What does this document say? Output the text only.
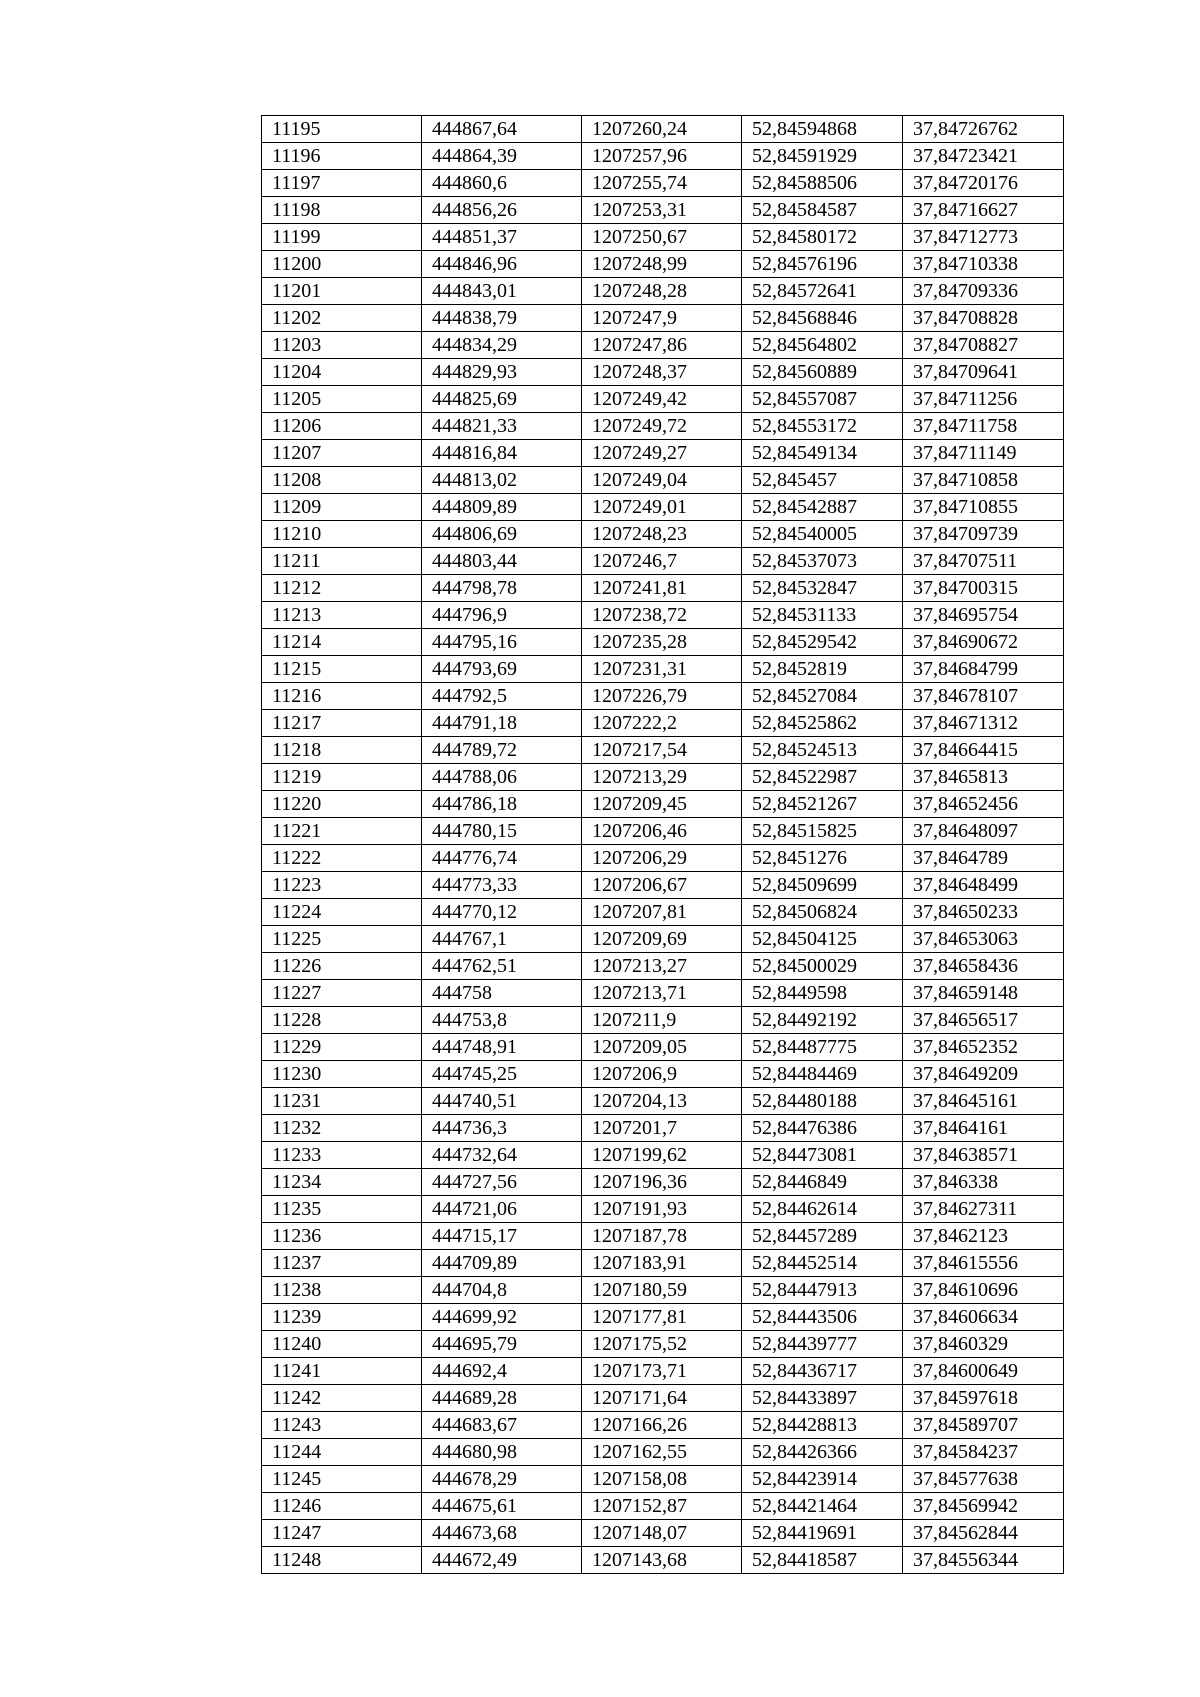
11195	444867,64	1207260,24	52,84594868	37,84726762
11196	444864,39	1207257,96	52,84591929	37,84723421
11197	444860,6	1207255,74	52,84588506	37,84720176
11198	444856,26	1207253,31	52,84584587	37,84716627
11199	444851,37	1207250,67	52,84580172	37,84712773
11200	444846,96	1207248,99	52,84576196	37,84710338
11201	444843,01	1207248,28	52,84572641	37,84709336
11202	444838,79	1207247,9	52,84568846	37,84708828
11203	444834,29	1207247,86	52,84564802	37,84708827
11204	444829,93	1207248,37	52,84560889	37,84709641
11205	444825,69	1207249,42	52,84557087	37,84711256
11206	444821,33	1207249,72	52,84553172	37,84711758
11207	444816,84	1207249,27	52,84549134	37,84711149
11208	444813,02	1207249,04	52,845457	37,84710858
11209	444809,89	1207249,01	52,84542887	37,84710855
11210	444806,69	1207248,23	52,84540005	37,84709739
11211	444803,44	1207246,7	52,84537073	37,84707511
11212	444798,78	1207241,81	52,84532847	37,84700315
11213	444796,9	1207238,72	52,84531133	37,84695754
11214	444795,16	1207235,28	52,84529542	37,84690672
11215	444793,69	1207231,31	52,8452819	37,84684799
11216	444792,5	1207226,79	52,84527084	37,84678107
11217	444791,18	1207222,2	52,84525862	37,84671312
11218	444789,72	1207217,54	52,84524513	37,84664415
11219	444788,06	1207213,29	52,84522987	37,8465813
11220	444786,18	1207209,45	52,84521267	37,84652456
11221	444780,15	1207206,46	52,84515825	37,84648097
11222	444776,74	1207206,29	52,8451276	37,8464789
11223	444773,33	1207206,67	52,84509699	37,84648499
11224	444770,12	1207207,81	52,84506824	37,84650233
11225	444767,1	1207209,69	52,84504125	37,84653063
11226	444762,51	1207213,27	52,84500029	37,84658436
11227	444758	1207213,71	52,8449598	37,84659148
11228	444753,8	1207211,9	52,84492192	37,84656517
11229	444748,91	1207209,05	52,84487775	37,84652352
11230	444745,25	1207206,9	52,84484469	37,84649209
11231	444740,51	1207204,13	52,84480188	37,84645161
11232	444736,3	1207201,7	52,84476386	37,8464161
11233	444732,64	1207199,62	52,84473081	37,84638571
11234	444727,56	1207196,36	52,8446849	37,846338
11235	444721,06	1207191,93	52,84462614	37,84627311
11236	444715,17	1207187,78	52,84457289	37,8462123
11237	444709,89	1207183,91	52,84452514	37,84615556
11238	444704,8	1207180,59	52,84447913	37,84610696
11239	444699,92	1207177,81	52,84443506	37,84606634
11240	444695,79	1207175,52	52,84439777	37,8460329
11241	444692,4	1207173,71	52,84436717	37,84600649
11242	444689,28	1207171,64	52,84433897	37,84597618
11243	444683,67	1207166,26	52,84428813	37,84589707
11244	444680,98	1207162,55	52,84426366	37,84584237
11245	444678,29	1207158,08	52,84423914	37,84577638
11246	444675,61	1207152,87	52,84421464	37,84569942
11247	444673,68	1207148,07	52,84419691	37,84562844
11248	444672,49	1207143,68	52,84418587	37,84556344
